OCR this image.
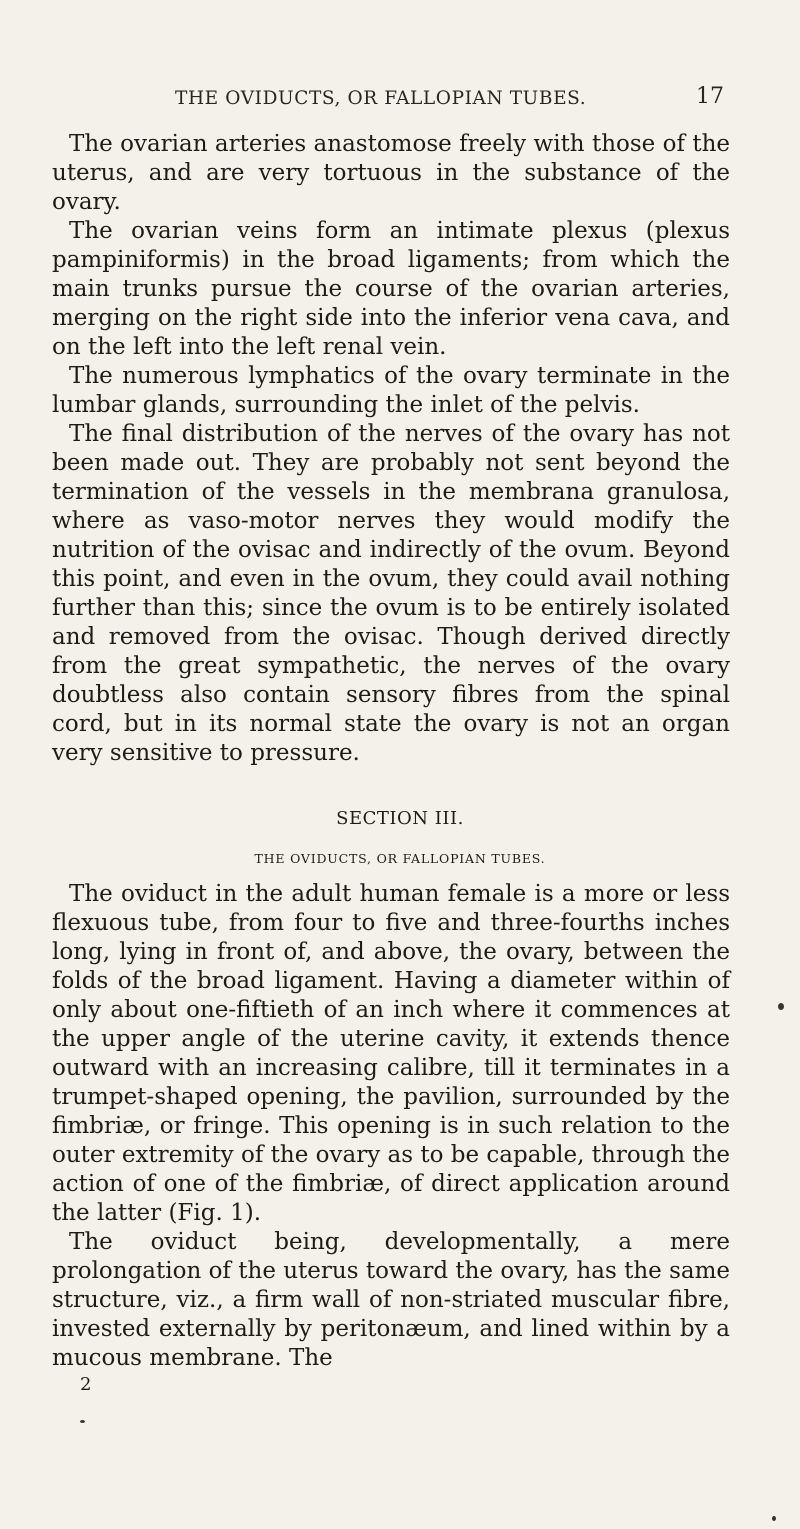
THE OVIDUCTS, OR FALLOPIAN TUBES.	17

The ovarian arteries anastomose freely with those of the uterus, and are very tortuous in the substance of the ovary.

The ovarian veins form an intimate plexus (plexus pampiniformis) in the broad ligaments; from which the main trunks pursue the course of the ovarian arteries, merging on the right side into the inferior vena cava, and on the left into the left renal vein.

The numerous lymphatics of the ovary terminate in the lumbar glands, surrounding the inlet of the pelvis.

The final distribution of the nerves of the ovary has not been made out. They are probably not sent beyond the termination of the vessels in the membrana granulosa, where as vaso-motor nerves they would modify the nutrition of the ovisac and indirectly of the ovum. Beyond this point, and even in the ovum, they could avail nothing further than this; since the ovum is to be entirely isolated and removed from the ovisac. Though derived directly from the great sympathetic, the nerves of the ovary doubtless also contain sensory fibres from the spinal cord, but in its normal state the ovary is not an organ very sensitive to pressure.

SECTION III.
THE OVIDUCTS, OR FALLOPIAN TUBES.

The oviduct in the adult human female is a more or less flexuous tube, from four to five and three-fourths inches long, lying in front of, and above, the ovary, between the folds of the broad ligament. Having a diameter within of only about one-fiftieth of an inch where it commences at the upper angle of the uterine cavity, it extends thence outward with an increasing calibre, till it terminates in a trumpet-shaped opening, the pavilion, surrounded by the fimbriæ, or fringe. This opening is in such relation to the outer extremity of the ovary as to be capable, through the action of one of the fimbriæ, of direct application around the latter (Fig. 1).

The oviduct being, developmentally, a mere prolongation of the uterus toward the ovary, has the same structure, viz., a firm wall of non-striated muscular fibre, invested externally by peritonæum, and lined within by a mucous membrane. The

2
